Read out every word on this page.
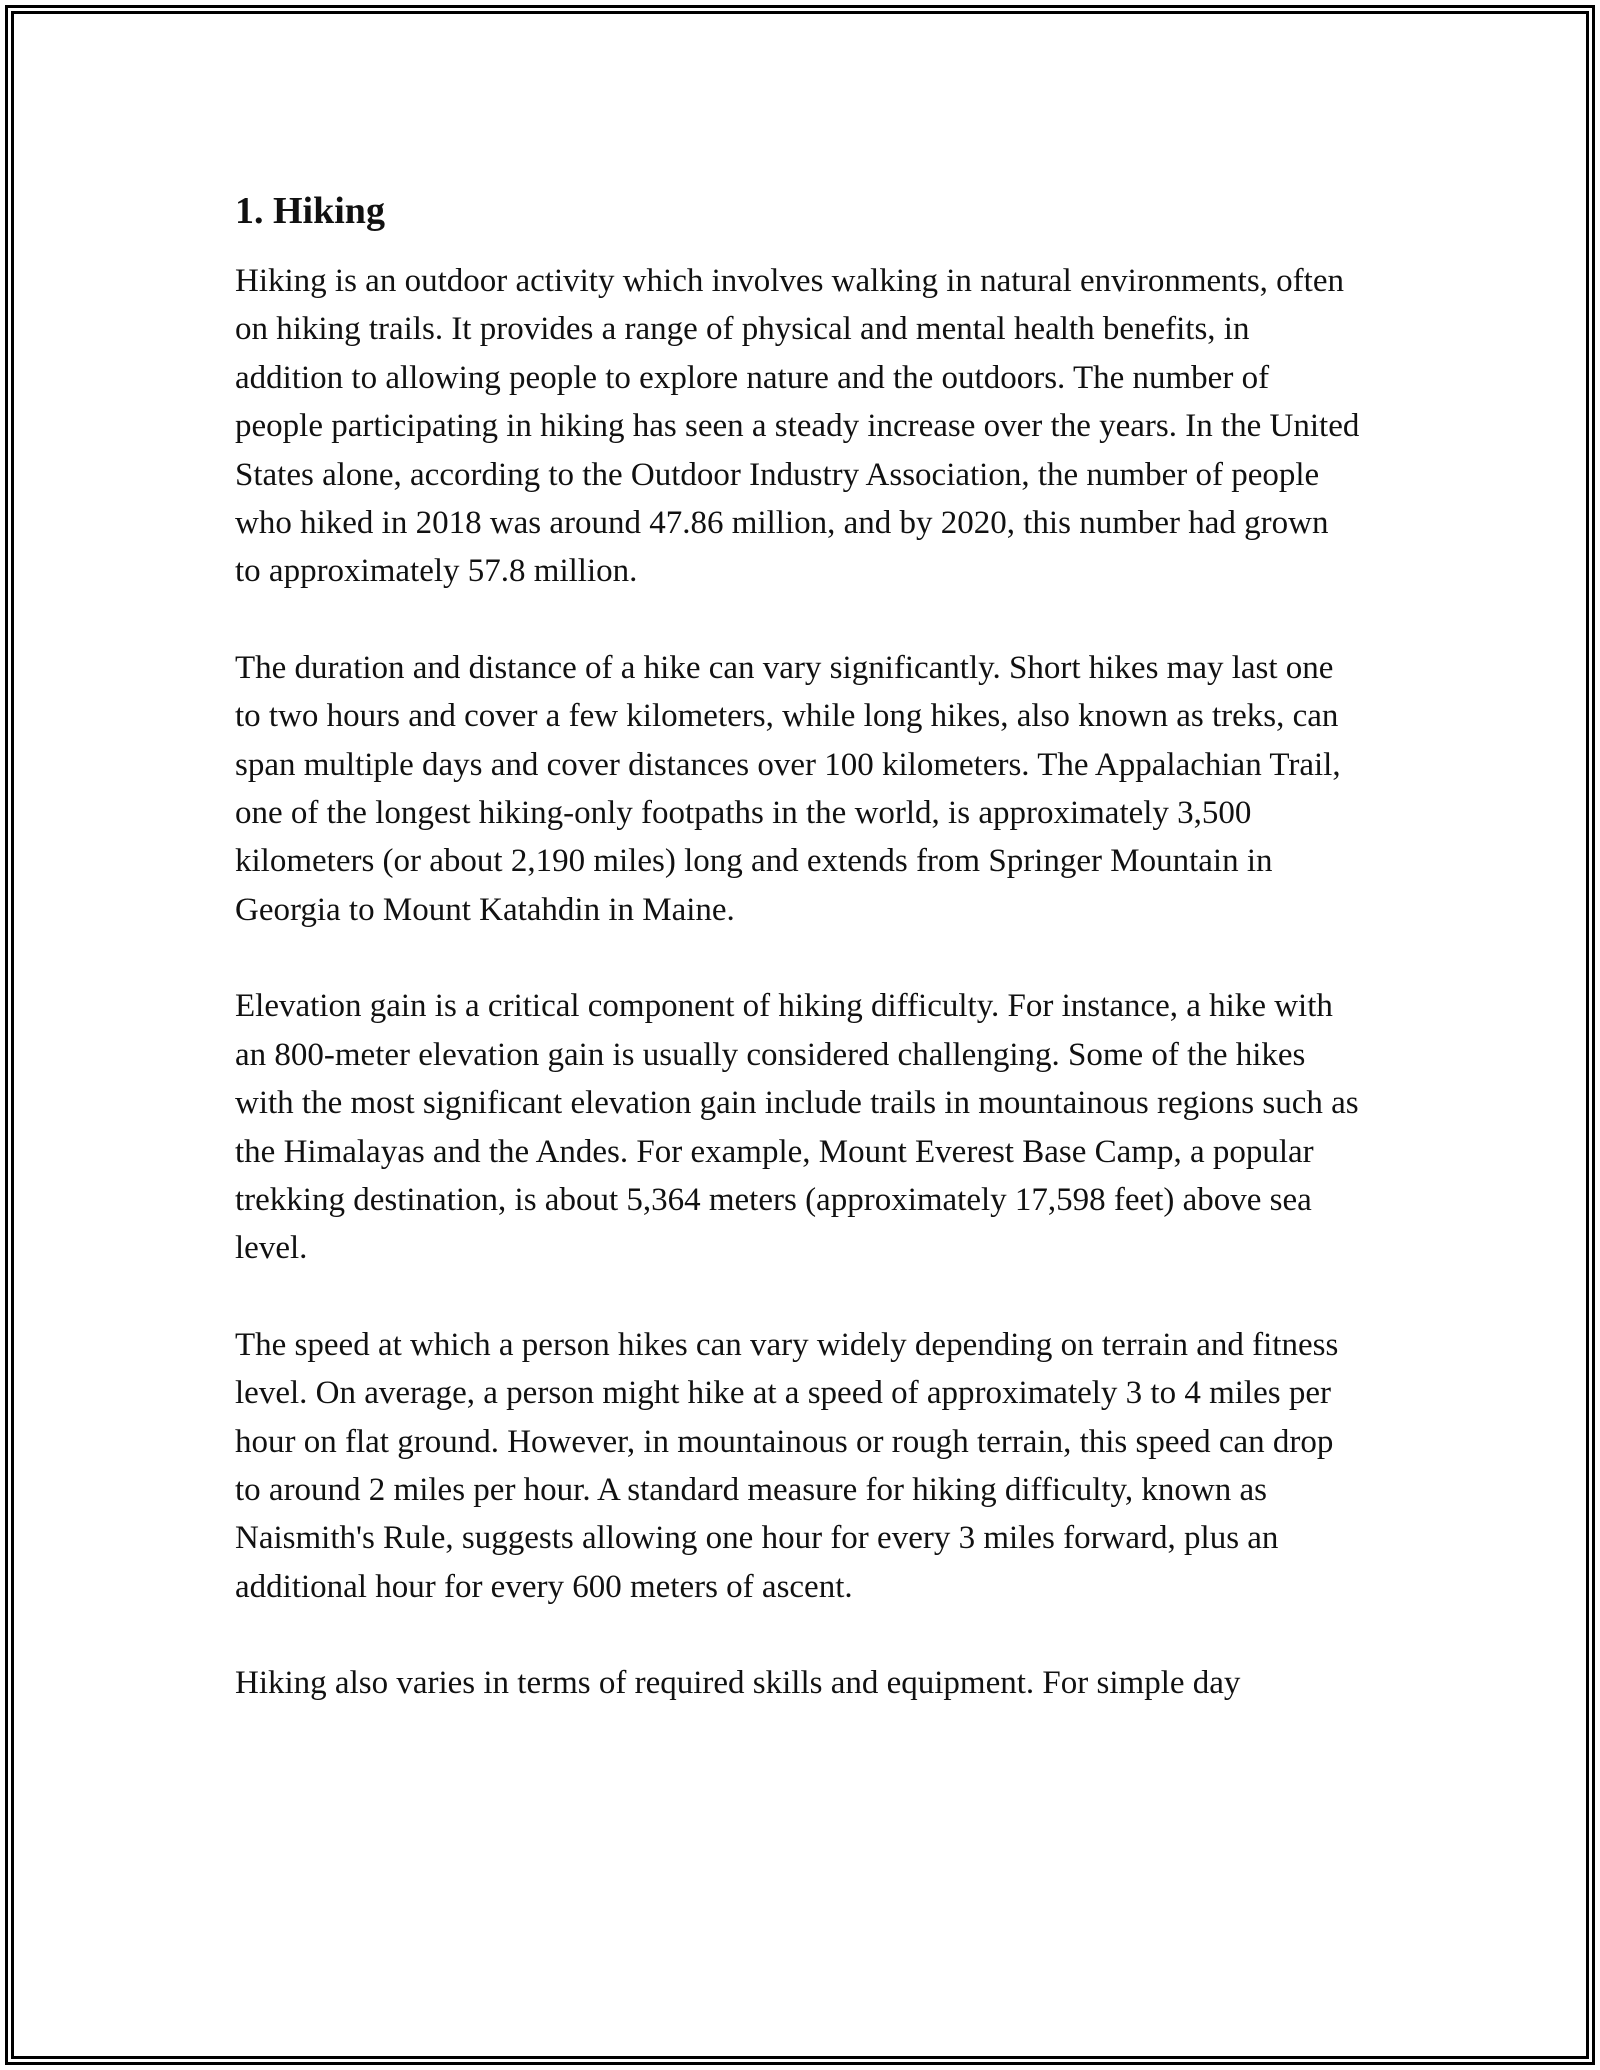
1. Hiking

Hiking is an outdoor activity which involves walking in natural environments, often on hiking trails. It provides a range of physical and mental health benefits, in addition to allowing people to explore nature and the outdoors. The number of people participating in hiking has seen a steady increase over the years. In the United States alone, according to the Outdoor Industry Association, the number of people who hiked in 2018 was around 47.86 million, and by 2020, this number had grown to approximately 57.8 million.

The duration and distance of a hike can vary significantly. Short hikes may last one to two hours and cover a few kilometers, while long hikes, also known as treks, can span multiple days and cover distances over 100 kilometers. The Appalachian Trail, one of the longest hiking-only footpaths in the world, is approximately 3,500 kilometers (or about 2,190 miles) long and extends from Springer Mountain in Georgia to Mount Katahdin in Maine.

Elevation gain is a critical component of hiking difficulty. For instance, a hike with an 800-meter elevation gain is usually considered challenging. Some of the hikes with the most significant elevation gain include trails in mountainous regions such as the Himalayas and the Andes. For example, Mount Everest Base Camp, a popular trekking destination, is about 5,364 meters (approximately 17,598 feet) above sea level.

The speed at which a person hikes can vary widely depending on terrain and fitness level. On average, a person might hike at a speed of approximately 3 to 4 miles per hour on flat ground. However, in mountainous or rough terrain, this speed can drop to around 2 miles per hour. A standard measure for hiking difficulty, known as Naismith's Rule, suggests allowing one hour for every 3 miles forward, plus an additional hour for every 600 meters of ascent.

Hiking also varies in terms of required skills and equipment. For simple day
